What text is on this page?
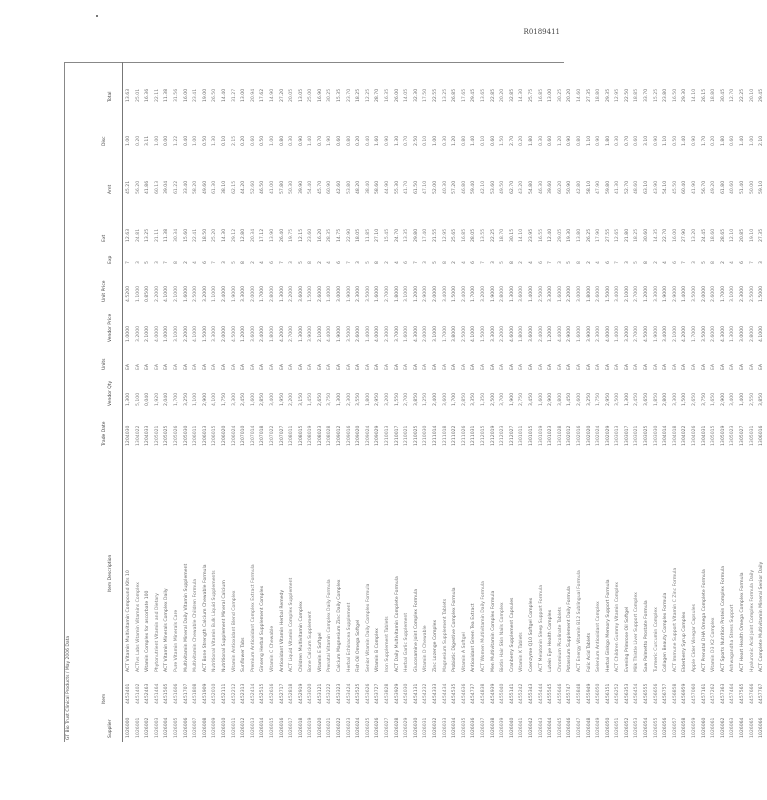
R0189411
GT Bio Trust Clinical Products / May 2006 Data	Supplier
Item
Item Description
Trade Date
Vendor Qty
Units
Vendor Price
Unit Price
Exp
Ext
Amt
Disc
Total
1026000
4453401
ACT Vitamin Multivitamin Compound Kits 10
1204030
1,300
EA
1.0000
4.5200
7
12.63
45.21
1.00
13.63
1026001
4451402
ACTIvs Labs Vitamin Vitamins Complex
1304022
5,100
EA
3.2000
1.1000
3
24.81
56.20
0.20
25.01
1026002
4452463
Vitamin Complex for ascorbate 100
1204033
0,040
EA
2.1000
0.8500
5
13.25
41.86
3.11
16.36
1026003
4451464
Phytonutrient Vitamin and Dietary
1205021
1,920
EA
4.0000
2.2000
3
21.11
60.13
1.00
22.11
1026004
4451505
ACT Vitamin Minerals Complex Daily
1205025
2,040
EA
1.0000
4.1000
7
11.38
39.04
0.00
11.38
1026005
4451606
Pure Vitamin Minerals Care
1205026
1,700
EA
3.1000
2.1000
8
30.34
61.22
1.22
31.56
1026006
4451707
Multivitamin Mineral Daily Vitamin Supplement
1205030
3,250
EA
2.2000
1.6000
2
15.60
33.40
0.40
16.00
1026007
4451808
Multivitamin Chewable Children Formula
1206011
1,100
EA
4.1000
2.5000
4
22.41
58.20
1.00
23.41
1026008
4451909
ACT Bone Strength Calcium Chewable Formula
1206013
2,900
EA
1.5000
3.2000
6
18.50
49.60
0.50
19.00
1026009
4452010
Nutritional Vitamin Bulk Liquid Supplements
1206015
4,100
EA
3.3000
1.1000
7
25.20
61.30
1.30
26.50
1026010
4452111
Nutritional Supplement Mineral Calcium
1206020
1,750
EA
2.0000
2.4000
3
14.30
38.10
0.10
14.40
1026011
4452212
Vitamin Antioxidant Blend Complex
1206024
3,300
EA
4.5000
1.9000
5
29.12
62.15
2.15
31.27
1026012
4452313
Sunflower Tabs
1207010
2,450
EA
1.2000
3.3000
8
12.80
44.20
0.20
13.00
1026013
4452414
Premium Antioxidant Complex Extract Formula
1207014
1,600
EA
3.6000
2.0000
2
20.34
52.60
0.60
20.94
1026014
4452515
Ginseng Herbal Supplement Complex
1207018
2,850
EA
2.4000
1.7000
4
17.12
46.50
0.50
17.62
1026015
4452616
Vitamin C Chewable
1207022
3,400
EA
1.8000
2.8000
6
13.90
41.00
1.00
14.90
1026016
4452717
Antioxidant Vitamin Herbal Remedy
1207027
1,950
EA
4.2000
1.3000
7
26.40
57.80
0.80
27.20
1026017
4452818
ACT Liquid Vitamin Complex Supplement
1208011
2,200
EA
2.7000
2.2000
3
19.75
50.30
0.30
20.05
1026018
4452919
Children Multivitamin Complex
1208015
3,150
EA
1.3000
3.6000
5
12.15
39.90
0.90
13.05
1026019
4453020
Bone Calcium Supplement
1208019
1,450
EA
3.9000
1.5000
8
23.60
54.40
1.40
25.00
1026020
4453121
Vitamin E Softgel
1208023
2,650
EA
2.1000
2.6000
2
16.20
45.70
0.70
16.90
1026021
4453222
Prenatal Vitamin Complex Daily Formula
1208028
3,750
EA
4.4000
1.4000
4
28.35
60.90
1.90
30.25
1026022
4453323
Calcium Magnesium Zinc Daily Complex
1209012
1,300
EA
1.9000
3.0000
6
14.75
42.60
0.60
15.35
1026023
4453424
Herbal Echinacea Supplement
1209016
2,300
EA
3.5000
1.9000
7
22.90
53.80
0.80
23.70
1026024
4453525
Fish Oil Omega Softgel
1209020
3,550
EA
2.6000
2.3000
3
18.05
48.20
0.20
18.25
1026025
4453626
Senior Vitamin Daily Complex Formula
1209024
1,800
EA
1.4000
3.5000
5
11.85
38.40
0.40
12.25
1026026
4453727
Vitamin B Complex
1209029
2,950
EA
4.0000
1.6000
8
27.10
58.60
1.60
28.70
1026027
4453828
Iron Supplement Tablets
1210013
3,200
EA
2.3000
2.7000
2
15.45
44.90
0.90
16.35
1026028
4453929
ACT Daily Multivitamin Complete Formula
1210017
1,550
EA
3.7000
1.8000
4
24.70
55.30
1.30
26.00
1026029
4454030
Herbal Garlic Supplement
1210021
2,700
EA
1.6000
3.1000
6
13.35
41.70
0.70
14.05
1026030
4454131
Glucosamine Joint Complex Formula
1210025
3,850
EA
4.3000
1.2000
7
29.80
61.50
2.50
32.30
1026031
4454232
Vitamin D Chewable
1210030
1,250
EA
2.0000
2.9000
3
17.40
47.10
0.10
17.50
1026032
4454333
Zinc Lozenge Complex
1211014
2,400
EA
3.1000
2.0000
5
21.55
52.00
1.00
22.55
1026033
4454434
Magnesium Supplement Tablets
1211018
3,600
EA
1.7000
3.4000
8
12.95
40.30
0.30
13.25
1026034
4454535
Probiotic Digestive Complex Formula
1211022
1,700
EA
3.8000
1.5000
2
25.65
57.20
1.20
26.85
1026035
4454636
Vitamin A Softgel
1211026
2,850
EA
2.5000
2.4000
4
16.85
46.80
0.80
17.65
1026036
4454737
Antioxidant Green Tea Extract
1211031
3,350
EA
4.1000
1.7000
6
28.05
59.40
1.40
29.45
1026037
4454838
ACT Women Multivitamin Daily Formula
1212015
1,350
EA
1.5000
3.2000
7
13.55
42.10
0.10
13.65
1026038
4454939
Men Multivitamin Complex Formula
1212019
2,500
EA
3.3000
1.9000
3
22.25
53.60
0.60
22.85
1026039
4455040
Biotin Hair Skin Nails Complex
1212023
3,700
EA
2.2000
2.8000
5
18.70
49.50
1.50
20.20
1026040
4455141
Cranberry Supplement Capsules
1212027
1,900
EA
4.6000
1.3000
8
30.15
62.70
2.70
32.85
1026041
4455242
Vitamin K Tablets
1301011
2,750
EA
1.8000
3.6000
2
14.10
43.20
0.20
14.30
1026042
4455343
Coenzyme Q10 Softgel Complex
1301015
3,450
EA
3.6000
1.4000
4
23.95
54.80
1.80
25.75
1026043
4455444
ACT Melatonin Sleep Support Formula
1301019
1,600
EA
2.4000
2.5000
6
16.55
46.30
0.30
16.85
1026044
4455545
Lutein Eye Health Complex
1301023
2,900
EA
1.2000
3.3000
7
12.40
39.60
0.60
13.00
1026045
4455646
Chromium Picolinate Tablets
1301028
3,800
EA
4.4000
1.6000
3
29.05
60.20
1.20
30.25
1026046
4455747
Potassium Supplement Daily Formula
1302012
1,450
EA
2.9000
2.2000
5
19.30
50.90
0.90
20.20
1026047
4455848
ACT Energy Vitamin B12 Sublingual Formula
1302016
2,600
EA
1.6000
3.0000
8
13.80
42.80
0.80
14.60
1026048
4455949
Folic Acid Tablets
1302020
3,250
EA
3.9000
1.8000
2
26.25
58.10
1.10
27.35
1026049
4456050
Selenium Antioxidant Complex
1302024
1,750
EA
2.3000
2.6000
4
17.90
47.90
0.90
18.80
1026050
4456151
Herbal Ginkgo Memory Support Formula
1302029
2,950
EA
4.0000
1.5000
6
27.55
59.80
1.80
29.35
1026051
4456252
ACT Children Gummy Vitamin Complex
1303013
3,500
EA
1.4000
3.4000
7
12.65
41.30
0.30
12.95
1026052
4456353
Evening Primrose Oil Softgel
1303017
1,300
EA
3.2000
2.1000
3
21.80
52.70
0.70
22.50
1026053
4456454
Milk Thistle Liver Support Complex
1303021
2,450
EA
2.7000
2.7000
5
18.25
48.60
0.60
18.85
1026054
4456555
Saw Palmetto Prostate Formula
1303025
3,650
EA
4.5000
1.2000
8
30.60
63.10
3.10
33.70
1026055
4456656
Turmeric Curcumin Complex
1303030
1,850
EA
1.9000
3.3000
2
14.35
43.90
0.90
15.25
1026056
4456757
Collagen Beauty Complex Formula
1304014
2,800
EA
3.4000
1.9000
4
22.70
54.10
1.10
23.80
1026057
4456858
ACT Immune Support Vitamin C Zinc Formula
1304018
3,300
EA
2.1000
2.9000
6
16.00
45.50
0.50
16.50
1026058
4456959
Elderberry Syrup Complex
1304022
1,500
EA
4.2000
1.4000
7
27.90
60.40
1.40
29.30
1026059
4457060
Apple Cider Vinegar Capsules
1304026
2,650
EA
1.7000
3.5000
3
13.20
41.90
0.90
14.10
1026060
4457161
ACT Prenatal DHA Omega Complete Formula
1304031
3,750
EA
3.5000
2.0000
5
24.45
56.70
1.70
26.15
1026061
4457262
Vitamin D3 K2 Complex
1305015
1,650
EA
2.6000
2.6000
8
18.60
49.20
0.20
18.80
1026062
4457363
ACT Sports Nutrition Protein Complex Formula
1305019
2,900
EA
4.3000
1.7000
2
28.65
61.80
1.80
30.45
1026063
4457464
Ashwagandha Stress Support
1305023
3,400
EA
1.3000
3.1000
4
12.10
40.60
0.60
12.70
1026064
4457565
ACT Heart Health Omega Complex Formula
1305027
1,400
EA
3.0000
2.3000
6
20.85
51.40
1.40
22.25
1026065
4457666
Hyaluronic Acid Joint Complex Formula Daily
1305031
2,550
EA
2.8000
2.5000
7
19.10
50.00
1.00
20.10
1026066
4457767
ACT Complete Multivitamin Mineral Senior Daily
1306016
3,850
EA
4.1000
1.5000
3
27.35
59.10
2.10
29.45
